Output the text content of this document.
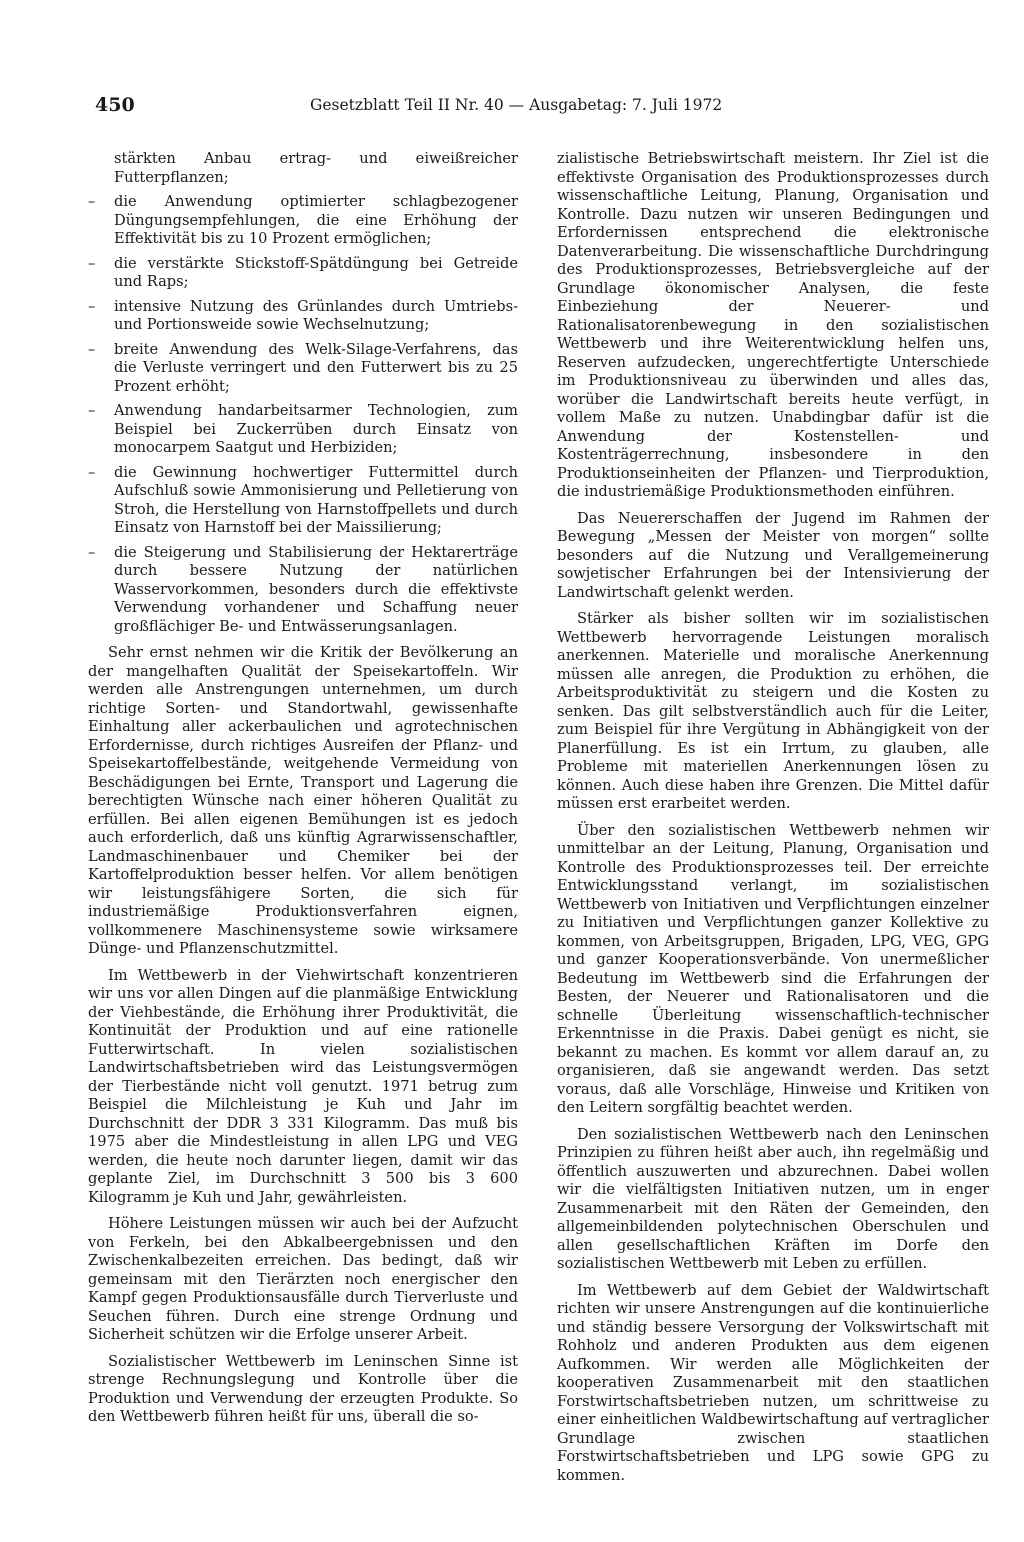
450	Gesetzblatt Teil II Nr. 40 — Ausgabetag: 7. Juli 1972
stärkten Anbau ertrag- und eiweißreicher Futterpflanzen;
– die Anwendung optimierter schlagbezogener Düngungsempfehlungen, die eine Erhöhung der Effektivität bis zu 10 Prozent ermöglichen;
– die verstärkte Stickstoff-Spätdüngung bei Getreide und Raps;
– intensive Nutzung des Grünlandes durch Umtriebs- und Portionsweide sowie Wechselnutzung;
– breite Anwendung des Welk-Silage-Verfahrens, das die Verluste verringert und den Futterwert bis zu 25 Prozent erhöht;
– Anwendung handarbeitsarmer Technologien, zum Beispiel bei Zuckerrüben durch Einsatz von monocarpem Saatgut und Herbiziden;
– die Gewinnung hochwertiger Futtermittel durch Aufschluß sowie Ammonisierung und Pelletierung von Stroh, die Herstellung von Harnstoffpellets und durch Einsatz von Harnstoff bei der Maissilierung;
– die Steigerung und Stabilisierung der Hektarerträge durch bessere Nutzung der natürlichen Wasservorkommen, besonders durch die effektivste Verwendung vorhandener und Schaffung neuer großflächiger Be- und Entwässerungsanlagen.

Sehr ernst nehmen wir die Kritik der Bevölkerung an der mangelhaften Qualität der Speisekartoffeln. Wir werden alle Anstrengungen unternehmen, um durch richtige Sorten- und Standortwahl, gewissenhafte Einhaltung aller ackerbaulichen und agrotechnischen Erfordernisse, durch richtiges Ausreifen der Pflanz- und Speisekartoffelbestände, weitgehende Vermeidung von Beschädigungen bei Ernte, Transport und Lagerung die berechtigten Wünsche nach einer höheren Qualität zu erfüllen. Bei allen eigenen Bemühungen ist es jedoch auch erforderlich, daß uns künftig Agrarwissenschaftler, Landmaschinenbauer und Chemiker bei der Kartoffelproduktion besser helfen. Vor allem benötigen wir leistungsfähigere Sorten, die sich für industriemäßige Produktionsverfahren eignen, vollkommenere Maschinensysteme sowie wirksamere Dünge- und Pflanzenschutzmittel.

Im Wettbewerb in der Viehwirtschaft konzentrieren wir uns vor allen Dingen auf die planmäßige Entwicklung der Viehbestände, die Erhöhung ihrer Produktivität, die Kontinuität der Produktion und auf eine rationelle Futterwirtschaft. In vielen sozialistischen Landwirtschaftsbetrieben wird das Leistungsvermögen der Tierbestände nicht voll genutzt. 1971 betrug zum Beispiel die Milchleistung je Kuh und Jahr im Durchschnitt der DDR 3 331 Kilogramm. Das muß bis 1975 aber die Mindestleistung in allen LPG und VEG werden, die heute noch darunter liegen, damit wir das geplante Ziel, im Durchschnitt 3 500 bis 3 600 Kilogramm je Kuh und Jahr, gewährleisten.

Höhere Leistungen müssen wir auch bei der Aufzucht von Ferkeln, bei den Abkalbeergebnissen und den Zwischenkalbezeiten erreichen. Das bedingt, daß wir gemeinsam mit den Tierärzten noch energischer den Kampf gegen Produktionsausfälle durch Tierverluste und Seuchen führen. Durch eine strenge Ordnung und Sicherheit schützen wir die Erfolge unserer Arbeit.

Sozialistischer Wettbewerb im Leninschen Sinne ist strenge Rechnungslegung und Kontrolle über die Produktion und Verwendung der erzeugten Produkte. So den Wettbewerb führen heißt für uns, überall die so-

zialistische Betriebswirtschaft meistern. Ihr Ziel ist die effektivste Organisation des Produktionsprozesses durch wissenschaftliche Leitung, Planung, Organisation und Kontrolle. Dazu nutzen wir unseren Bedingungen und Erfordernissen entsprechend die elektronische Datenverarbeitung. Die wissenschaftliche Durchdringung des Produktionsprozesses, Betriebsvergleiche auf der Grundlage ökonomischer Analysen, die feste Einbeziehung der Neuerer- und Rationalisatorenbewegung in den sozialistischen Wettbewerb und ihre Weiterentwicklung helfen uns, Reserven aufzudecken, ungerechtfertigte Unterschiede im Produktionsniveau zu überwinden und alles das, worüber die Landwirtschaft bereits heute verfügt, in vollem Maße zu nutzen. Unabdingbar dafür ist die Anwendung der Kostenstellen- und Kostenträgerrechnung, insbesondere in den Produktionseinheiten der Pflanzen- und Tierproduktion, die industriemäßige Produktionsmethoden einführen.

Das Neuererschaffen der Jugend im Rahmen der Bewegung „Messen der Meister von morgen“ sollte besonders auf die Nutzung und Verallgemeinerung sowjetischer Erfahrungen bei der Intensivierung der Landwirtschaft gelenkt werden.

Stärker als bisher sollten wir im sozialistischen Wettbewerb hervorragende Leistungen moralisch anerkennen. Materielle und moralische Anerkennung müssen alle anregen, die Produktion zu erhöhen, die Arbeitsproduktivität zu steigern und die Kosten zu senken. Das gilt selbstverständlich auch für die Leiter, zum Beispiel für ihre Vergütung in Abhängigkeit von der Planerfüllung. Es ist ein Irrtum, zu glauben, alle Probleme mit materiellen Anerkennungen lösen zu können. Auch diese haben ihre Grenzen. Die Mittel dafür müssen erst erarbeitet werden.

Über den sozialistischen Wettbewerb nehmen wir unmittelbar an der Leitung, Planung, Organisation und Kontrolle des Produktionsprozesses teil. Der erreichte Entwicklungsstand verlangt, im sozialistischen Wettbewerb von Initiativen und Verpflichtungen einzelner zu Initiativen und Verpflichtungen ganzer Kollektive zu kommen, von Arbeitsgruppen, Brigaden, LPG, VEG, GPG und ganzer Kooperationsverbände. Von unermeßlicher Bedeutung im Wettbewerb sind die Erfahrungen der Besten, der Neuerer und Rationalisatoren und die schnelle Überleitung wissenschaftlich-technischer Erkenntnisse in die Praxis. Dabei genügt es nicht, sie bekannt zu machen. Es kommt vor allem darauf an, zu organisieren, daß sie angewandt werden. Das setzt voraus, daß alle Vorschläge, Hinweise und Kritiken von den Leitern sorgfältig beachtet werden.

Den sozialistischen Wettbewerb nach den Leninschen Prinzipien zu führen heißt aber auch, ihn regelmäßig und öffentlich auszuwerten und abzurechnen. Dabei wollen wir die vielfältigsten Initiativen nutzen, um in enger Zusammenarbeit mit den Räten der Gemeinden, den allgemeinbildenden polytechnischen Oberschulen und allen gesellschaftlichen Kräften im Dorfe den sozialistischen Wettbewerb mit Leben zu erfüllen.

Im Wettbewerb auf dem Gebiet der Waldwirtschaft richten wir unsere Anstrengungen auf die kontinuierliche und ständig bessere Versorgung der Volkswirtschaft mit Rohholz und anderen Produkten aus dem eigenen Aufkommen. Wir werden alle Möglichkeiten der kooperativen Zusammenarbeit mit den staatlichen Forstwirtschaftsbetrieben nutzen, um schrittweise zu einer einheitlichen Waldbewirtschaftung auf vertraglicher Grundlage zwischen staatlichen Forstwirtschaftsbetrieben und LPG sowie GPG zu kommen.
